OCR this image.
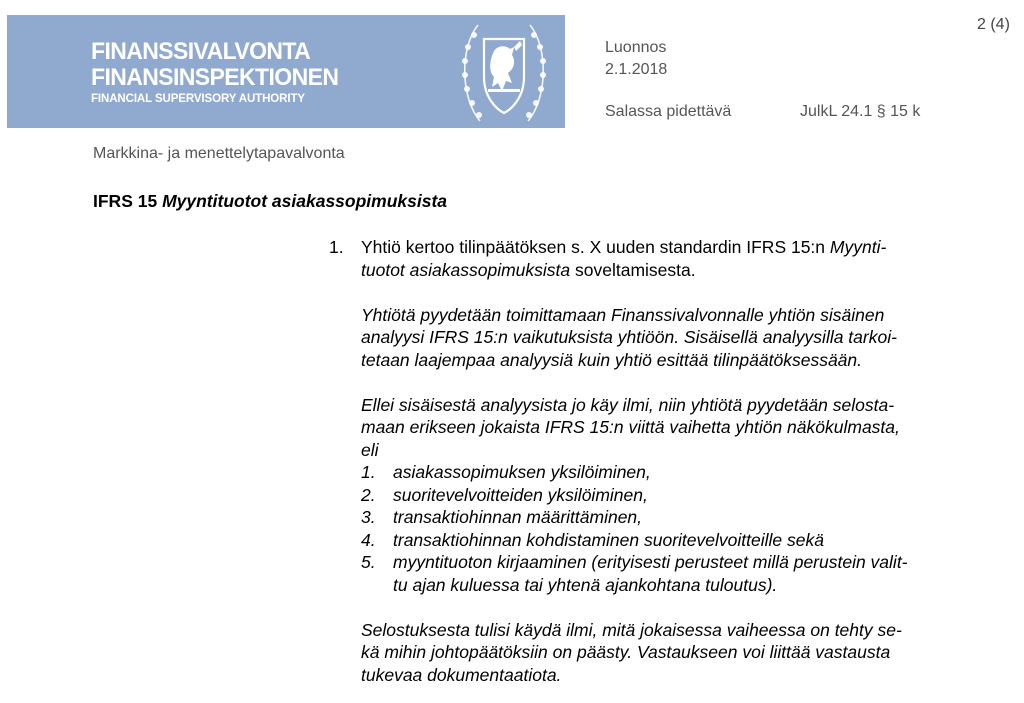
FINANSSIVALVONTA
FINANSINSPEKTIONEN
FINANCIAL SUPERVISORY AUTHORITY
2 (4)
Luonnos
2.1.2018
Salassa pidettävä	JulkL 24.1 § 15 k
Markkina- ja menettelytapavalvonta
IFRS 15 Myyntituotot asiakassopimuksista
1. Yhtiö kertoo tilinpäätöksen s. X uuden standardin IFRS 15:n Myynti-
tuotot asiakassopimuksista soveltamisesta.
Yhtiötä pyydetään toimittamaan Finanssivalvonnalle yhtiön sisäinen
analyysi IFRS 15:n vaikutuksista yhtiöön. Sisäisellä analyysilla tarkoi-
tetaan laajempaa analyysiä kuin yhtiö esittää tilinpäätöksessään.
Ellei sisäisestä analyysista jo käy ilmi, niin yhtiötä pyydetään selosta-
maan erikseen jokaista IFRS 15:n viittä vaihetta yhtiön näkökulmasta,
eli
1. asiakassopimuksen yksilöiminen,
2. suoritevelvoitteiden yksilöiminen,
3. transaktiohinnan määrittäminen,
4. transaktiohinnan kohdistaminen suoritevelvoitteille sekä
5. myyntituoton kirjaaminen (erityisesti perusteet millä perustein valit-
tu ajan kuluessa tai yhtenä ajankohtana tuloutus).
Selostuksesta tulisi käydä ilmi, mitä jokaisessa vaiheessa on tehty se-
kä mihin johtopäätöksiin on päästy. Vastaukseen voi liittää vastausta
tukevaa dokumentaatiota.
